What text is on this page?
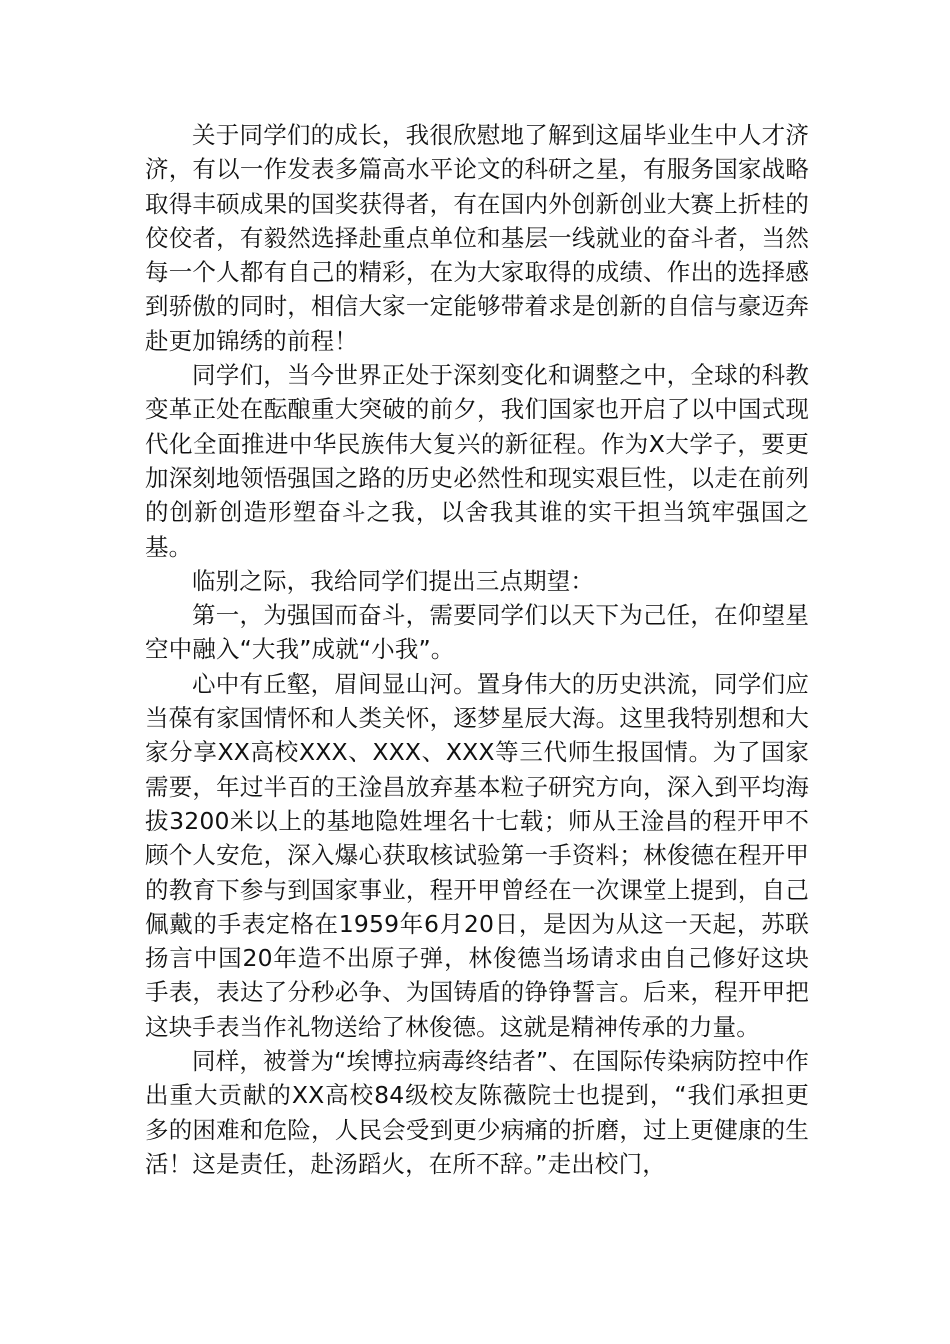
关于同学们的成长，我很欣慰地了解到这届毕业生中人才济济，有以一作发表多篇高水平论文的科研之星，有服务国家战略取得丰硕成果的国奖获得者，有在国内外创新创业大赛上折桂的佼佼者，有毅然选择赴重点单位和基层一线就业的奋斗者，当然每一个人都有自己的精彩，在为大家取得的成绩、作出的选择感到骄傲的同时，相信大家一定能够带着求是创新的自信与豪迈奔赴更加锦绣的前程！

同学们，当今世界正处于深刻变化和调整之中，全球的科教变革正处在酝酿重大突破的前夕，我们国家也开启了以中国式现代化全面推进中华民族伟大复兴的新征程。作为X大学子，要更加深刻地领悟强国之路的历史必然性和现实艰巨性，以走在前列的创新创造形塑奋斗之我，以舍我其谁的实干担当筑牢强国之基。

临别之际，我给同学们提出三点期望：

第一，为强国而奋斗，需要同学们以天下为己任，在仰望星空中融入“大我”成就“小我”。

心中有丘壑，眉间显山河。置身伟大的历史洪流，同学们应当葆有家国情怀和人类关怀，逐梦星辰大海。这里我特别想和大家分享XX高校XXX、XXX、XXX等三代师生报国情。为了国家需要，年过半百的王淦昌放弃基本粒子研究方向，深入到平均海拔3200米以上的基地隐姓埋名十七载；师从王淦昌的程开甲不顾个人安危，深入爆心获取核试验第一手资料；林俊德在程开甲的教育下参与到国家事业，程开甲曾经在一次课堂上提到，自己佩戴的手表定格在1959年6月20日，是因为从这一天起，苏联扬言中国20年造不出原子弹，林俊德当场请求由自己修好这块手表，表达了分秒必争、为国铸盾的铮铮誓言。后来，程开甲把这块手表当作礼物送给了林俊德。这就是精神传承的力量。

同样，被誉为“埃博拉病毒终结者”、在国际传染病防控中作出重大贡献的XX高校84级校友陈薇院士也提到，“我们承担更多的困难和危险，人民会受到更少病痛的折磨，过上更健康的生活！这是责任，赴汤蹈火，在所不辞。”走出校门，
